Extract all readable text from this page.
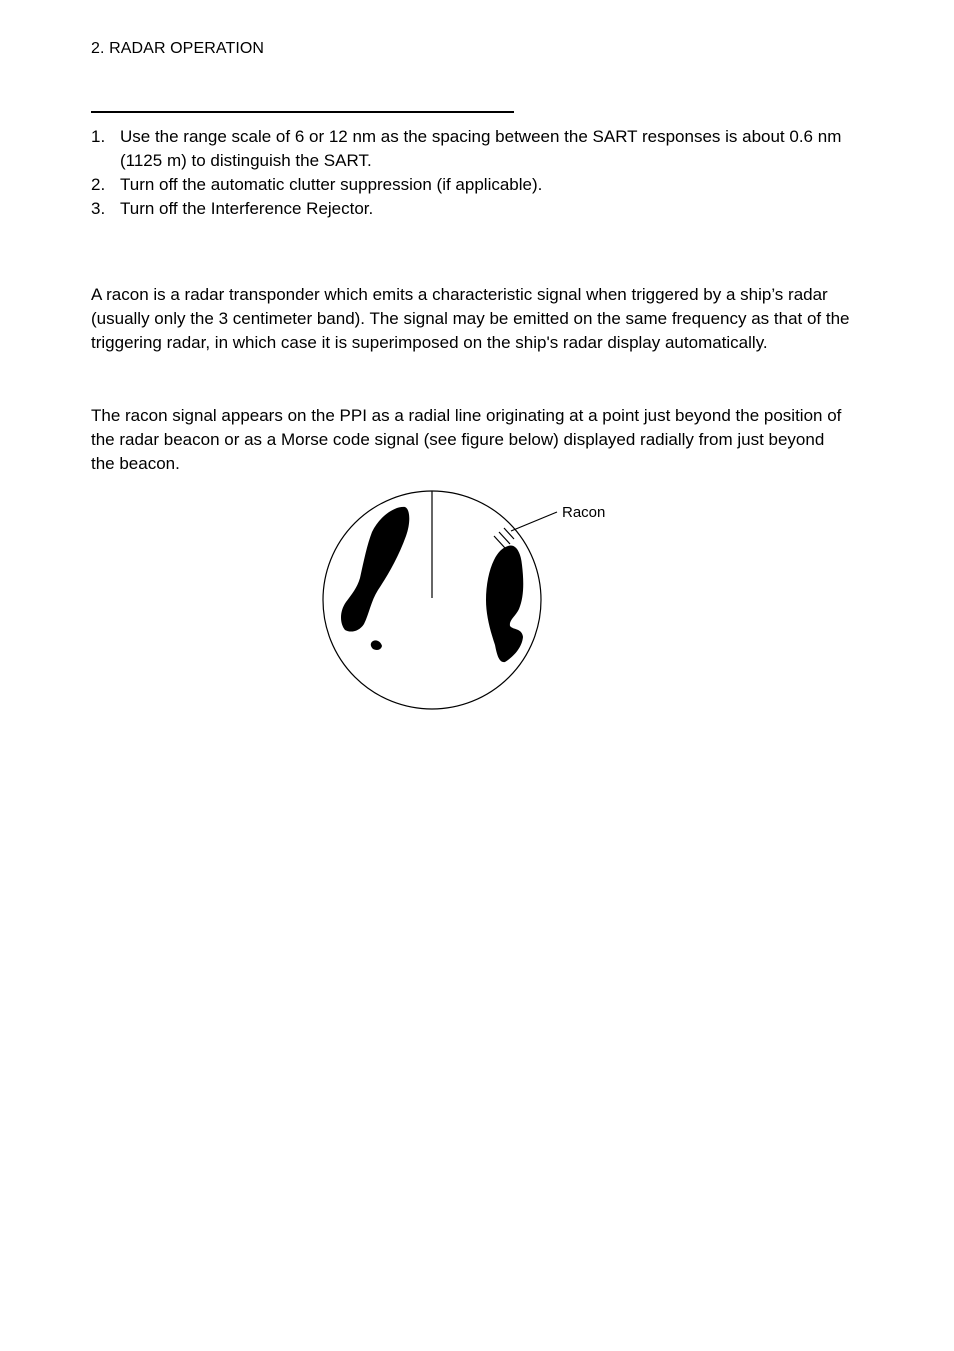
2. RADAR OPERATION
1. Use the range scale of 6 or 12 nm as the spacing between the SART responses is about 0.6 nm (1125 m) to distinguish the SART.
2. Turn off the automatic clutter suppression (if applicable).
3. Turn off the Interference Rejector.
A racon is a radar transponder which emits a characteristic signal when triggered by a ship’s radar (usually only the 3 centimeter band). The signal may be emitted on the same frequency as that of the triggering radar, in which case it is superimposed on the ship's radar display automatically.
The racon signal appears on the PPI as a radial line originating at a point just beyond the position of the radar beacon or as a Morse code signal (see figure below) displayed radially from just beyond the beacon.
Racon
